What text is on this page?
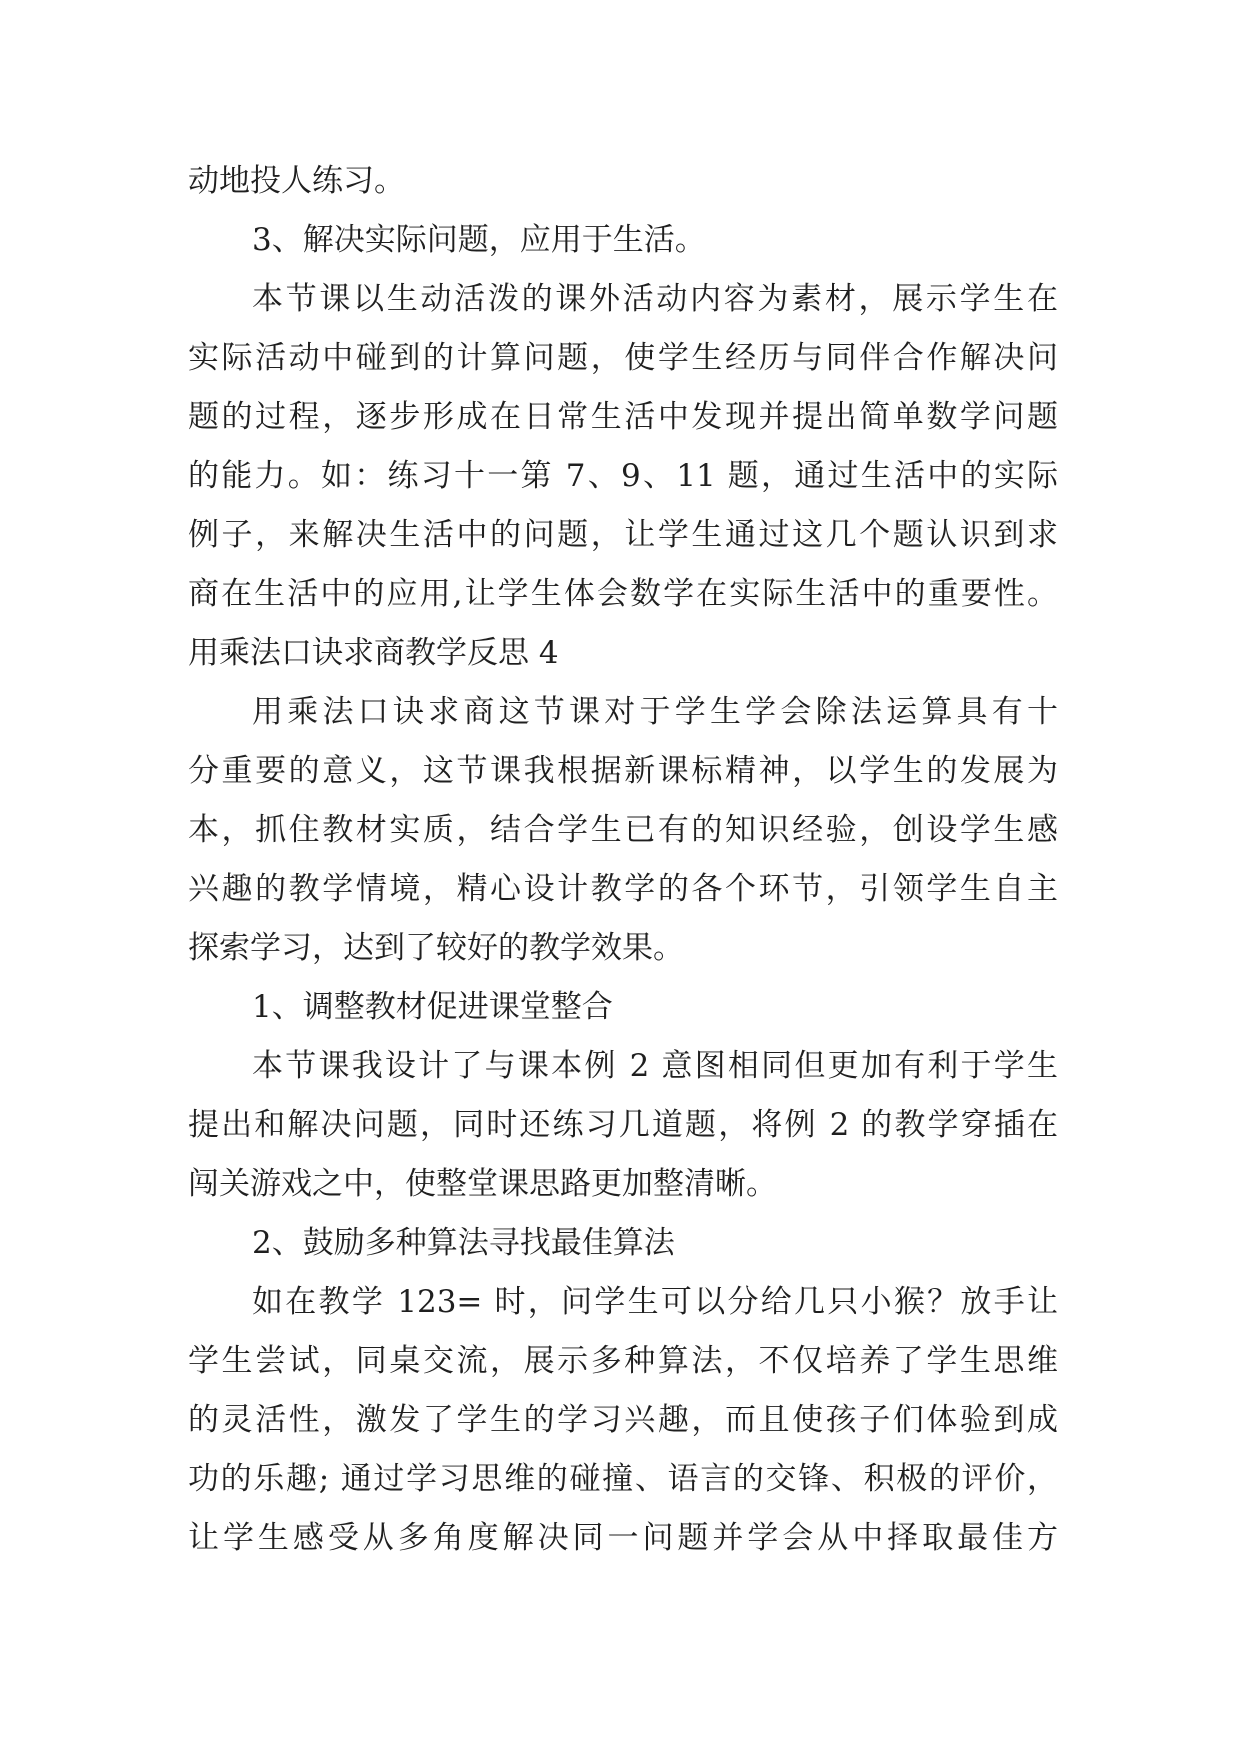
动地投人练习。
3、解决实际问题，应用于生活。
本节课以生动活泼的课外活动内容为素材，展示学生在
实际活动中碰到的计算问题，使学生经历与同伴合作解决问
题的过程，逐步形成在日常生活中发现并提出简单数学问题
的能力。如：练习十一第 7、9、11 题，通过生活中的实际
例子，来解决生活中的问题，让学生通过这几个题认识到求
商在生活中的应用,让学生体会数学在实际生活中的重要性。
用乘法口诀求商教学反思 4
用乘法口诀求商这节课对于学生学会除法运算具有十
分重要的意义，这节课我根据新课标精神，以学生的发展为
本，抓住教材实质，结合学生已有的知识经验，创设学生感
兴趣的教学情境，精心设计教学的各个环节，引领学生自主
探索学习，达到了较好的教学效果。
1、调整教材促进课堂整合
本节课我设计了与课本例 2 意图相同但更加有利于学生
提出和解决问题，同时还练习几道题，将例 2 的教学穿插在
闯关游戏之中，使整堂课思路更加整清晰。
2、鼓励多种算法寻找最佳算法
如在教学 123= 时，问学生可以分给几只小猴？放手让
学生尝试，同桌交流，展示多种算法，不仅培养了学生思维
的灵活性，激发了学生的学习兴趣，而且使孩子们体验到成
功的乐趣; 通过学习思维的碰撞、语言的交锋、积极的评价，
让学生感受从多角度解决同一问题并学会从中择取最佳方
